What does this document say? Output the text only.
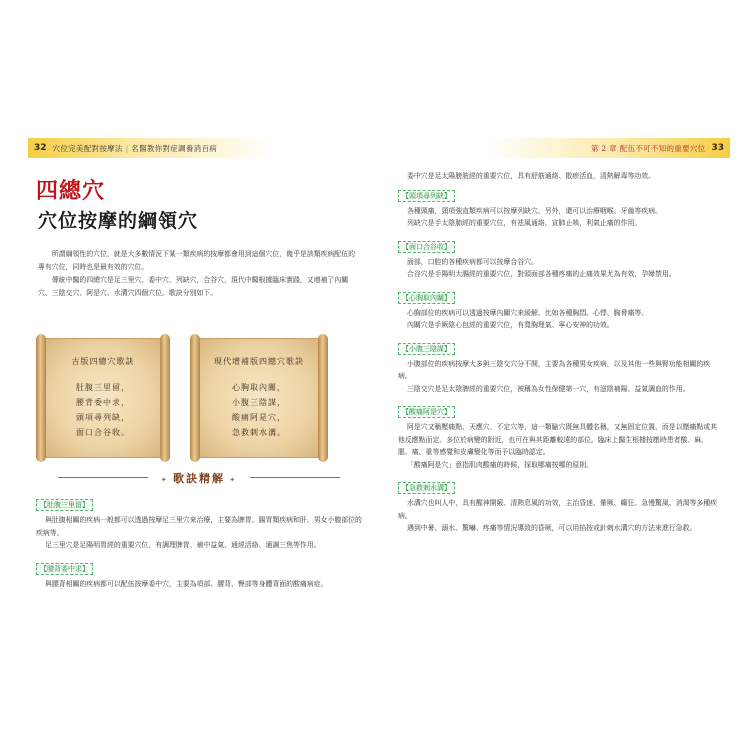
32 穴位完美配對按摩法 | 名醫教你對症調養消百病
四總穴
穴位按摩的綱領穴

所謂綱領性的穴位，就是大多數情況下某一類疾病的按摩都會用到這個穴位，幾乎是該類疾病配伍的專有穴位，同時也是最有效的穴位。

傳統中醫的四總穴是足三里穴、委中穴、列缺穴，合谷穴，現代中醫根據臨床實踐，又增補了內關穴、三陰交穴、阿是穴、水溝穴四個穴位。歌訣分別如下。

古版四總穴歌訣
肚腹三里留，
腰背委中求，
頭項尋列缺，
面口合谷收。
現代增補版四總穴歌訣
心胸取內關，
小腹三陰謀，
酸痛阿是穴，
急救刺水溝。
✦ 歌訣精解 ✦
【肚腹三里留】

與肚腹相關的疾病一般都可以透過按摩足三里穴來治療，主要為脾胃、腸胃類疾病和肝、男女小腹部位的疾病等。

足三里穴是足陽明胃經的重要穴位，有調理脾胃、補中益氣、通經活絡、通調三焦等作用。

【腰背委中求】

與腰背相關的疾病都可以配伍按摩委中穴，主要為項部、腰背、臀部等身體背面的酸痛病症。

第 2 章 配伍不可不知的重要穴位 33

委中穴是足太陽膀胱經的重要穴位，具有舒筋通絡、散瘀活血，清熱解毒等功效。

【頭項尋列缺】

各種頭痛，頸項強直類疾病可以按摩列缺穴，另外，還可以治療咽喉、牙齒等疾病。

列缺穴是手太陰肺經的重要穴位，有祛風通絡，宣肺止咳，利氣止痛的作用。

【面口合谷收】

面部，口腔的各種疾病都可以按摩合谷穴。

合谷穴是手陽明大腸經的重要穴位，對頭面部各種疼痛的止痛效果尤為有效，孕婦禁用。

【心胸取內關】

心胸部位的疾病可以透過按摩內關穴來緩解，比如各種胸悶、心悸、胸脅痛等。

內關穴是手厥陰心包經的重要穴位，有寬胸理氣、寧心安神的功效。

【小腹三陰謀】

小腹部位的疾病按摩大多與三陰交穴分不開，主要為各種男女疾病，以及其他一些與腎功能相關的疾病。

三陰交穴是足太陰脾經的重要穴位，被稱為女性保健第一穴，有滋陰補陽、益氣調血的作用。

【酸痛阿是穴】

阿是穴又稱壓痛點、天應穴、不定穴等，這一類腧穴既無具體名稱，又無固定位置，而是以壓痛點或其他反應點而定。多位於病變的附近，也可在與其距離較遠的部位。臨床上醫生根據按壓時患者酸、麻、脹、痛、重等感覺和皮膚變化等而予以臨時認定。

「酸痛阿是穴」意指肌肉酸痛的時候，採取哪痛按哪的原則。

【急救刺水溝】

水溝穴也叫人中，具有醒神開竅、清熱息風的功效，主治昏迷、暈厥、癲狂、急慢驚風、消渴等多種疾病。

遇到中暑、溺水、驚嚇、疼痛等情況導致的昏厥，可以用掐按或針刺水溝穴的方法來進行急救。
